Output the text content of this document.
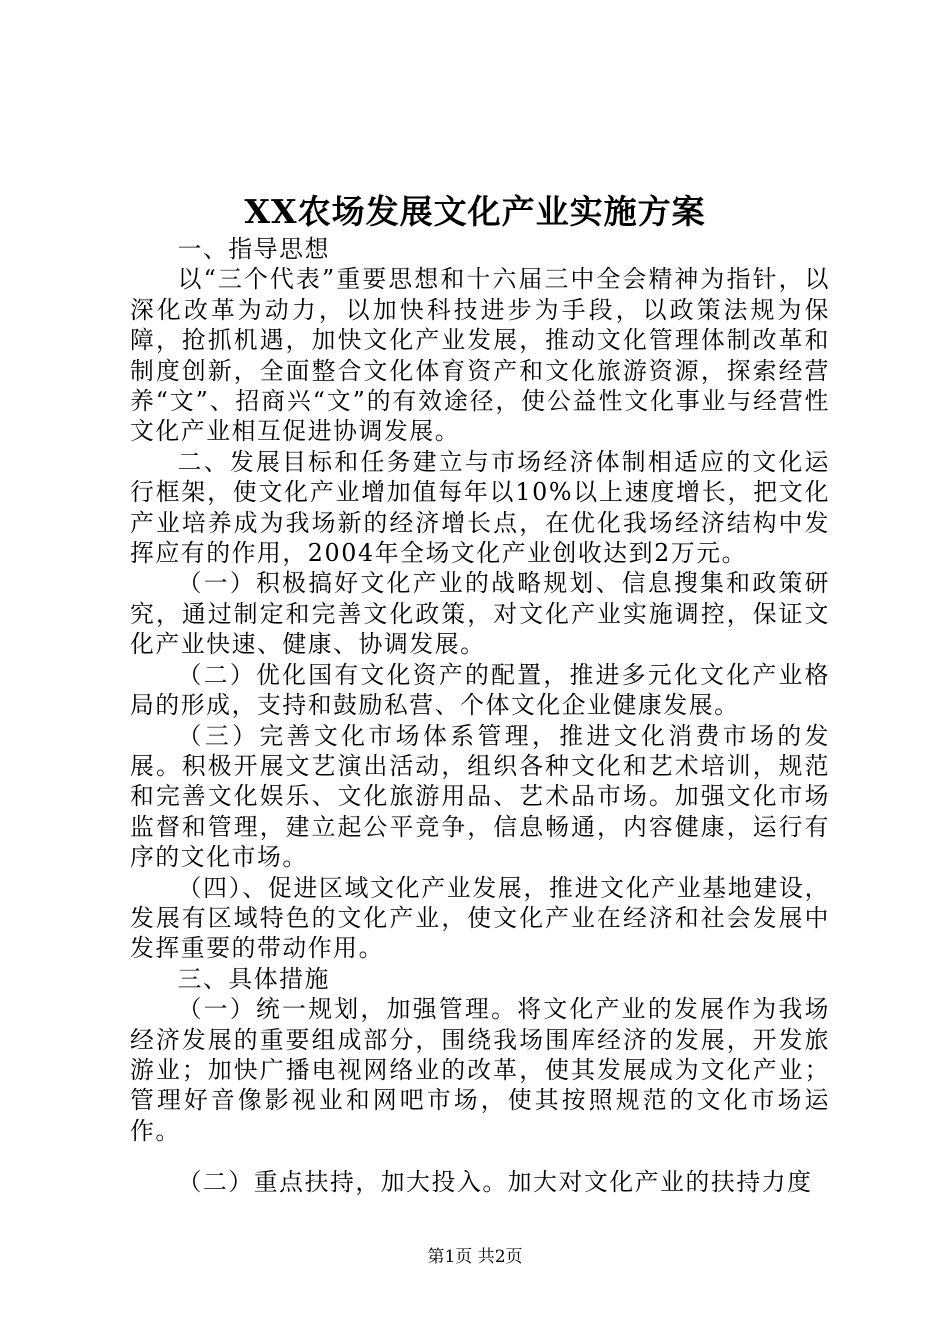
XX农场发展文化产业实施方案

一、指导思想

以“三个代表”重要思想和十六届三中全会精神为指针，以深化改革为动力，以加快科技进步为手段，以政策法规为保障，抢抓机遇，加快文化产业发展，推动文化管理体制改革和制度创新，全面整合文化体育资产和文化旅游资源，探索经营养“文”、招商兴“文”的有效途径，使公益性文化事业与经营性文化产业相互促进协调发展。

二、发展目标和任务建立与市场经济体制相适应的文化运行框架，使文化产业增加值每年以10%以上速度增长，把文化产业培养成为我场新的经济增长点，在优化我场经济结构中发挥应有的作用，2004年全场文化产业创收达到2万元。

（一）积极搞好文化产业的战略规划、信息搜集和政策研究，通过制定和完善文化政策，对文化产业实施调控，保证文化产业快速、健康、协调发展。

（二）优化国有文化资产的配置，推进多元化文化产业格局的形成，支持和鼓励私营、个体文化企业健康发展。

（三）完善文化市场体系管理，推进文化消费市场的发展。积极开展文艺演出活动，组织各种文化和艺术培训，规范和完善文化娱乐、文化旅游用品、艺术品市场。加强文化市场监督和管理，建立起公平竞争，信息畅通，内容健康，运行有序的文化市场。

（四）、促进区域文化产业发展，推进文化产业基地建设，发展有区域特色的文化产业，使文化产业在经济和社会发展中发挥重要的带动作用。

三、具体措施

（一）统一规划，加强管理。将文化产业的发展作为我场经济发展的重要组成部分，围绕我场围库经济的发展，开发旅游业；加快广播电视网络业的改革，使其发展成为文化产业；管理好音像影视业和网吧市场，使其按照规范的文化市场运作。

（二）重点扶持，加大投入。加大对文化产业的扶持力度

第1页 共2页
